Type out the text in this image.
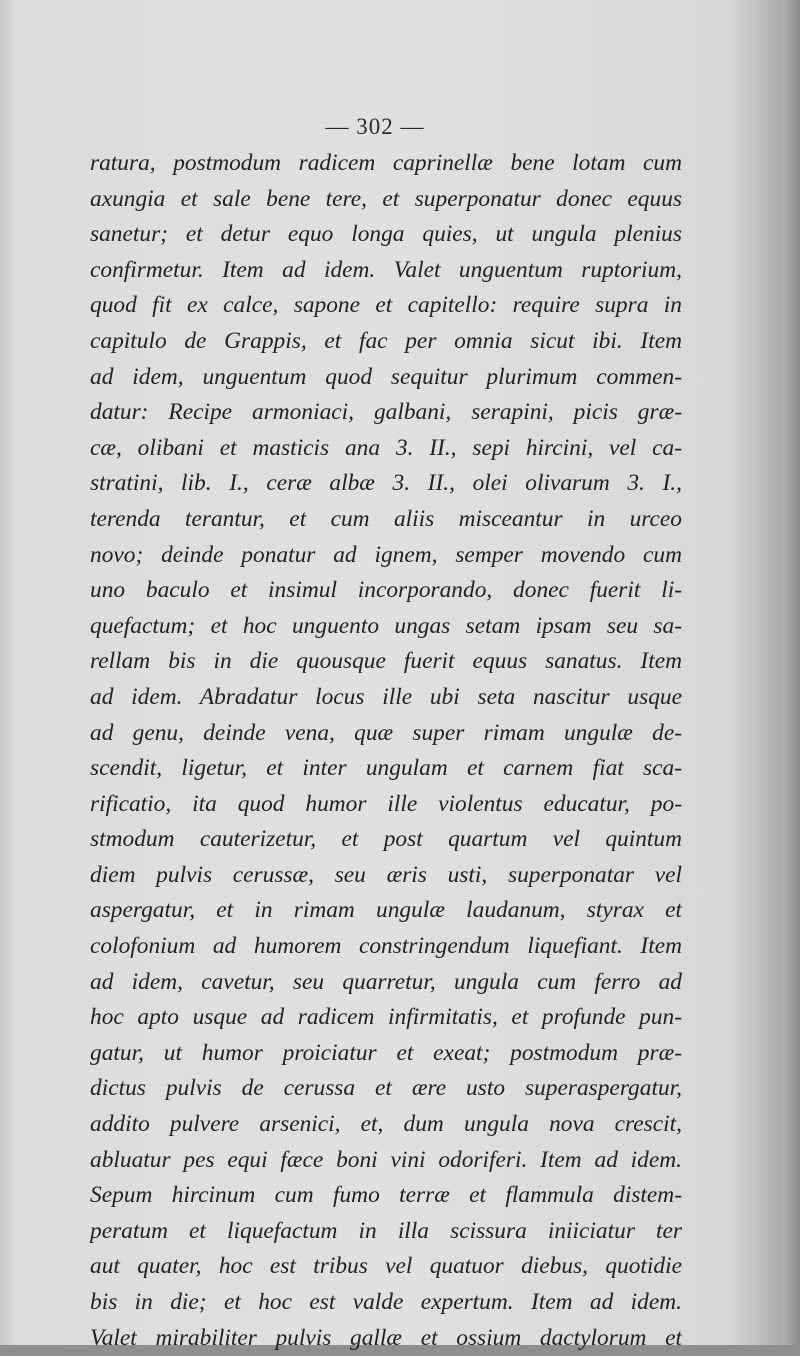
— 302 —
ratura, postmodum radicem caprinellæ bene lotam cum
axungia et sale bene tere, et superponatur donec equus
sanetur; et detur equo longa quies, ut ungula plenius
confirmetur. Item ad idem. Valet unguentum ruptorium,
quod fit ex calce, sapone et capitello: require supra in
capitulo de Grappis, et fac per omnia sicut ibi. Item
ad idem, unguentum quod sequitur plurimum commen-
datur: Recipe armoniaci, galbani, serapini, picis græ-
cæ, olibani et masticis ana 3. II., sepi hircini, vel ca-
stratini, lib. I., ceræ albæ 3. II., olei olivarum 3. I.,
terenda terantur, et cum aliis misceantur in urceo
novo; deinde ponatur ad ignem, semper movendo cum
uno baculo et insimul incorporando, donec fuerit li-
quefactum; et hoc unguento ungas setam ipsam seu sa-
rellam bis in die quousque fuerit equus sanatus. Item
ad idem. Abradatur locus ille ubi seta nascitur usque
ad genu, deinde vena, quæ super rimam ungulæ de-
scendit, ligetur, et inter ungulam et carnem fiat sca-
rificatio, ita quod humor ille violentus educatur, po-
stmodum cauterizetur, et post quartum vel quintum
diem pulvis cerussæ, seu æris usti, superponatar vel
aspergatur, et in rimam ungulæ laudanum, styrax et
colofonium ad humorem constringendum liquefiant. Item
ad idem, cavetur, seu quarretur, ungula cum ferro ad
hoc apto usque ad radicem infirmitatis, et profunde pun-
gatur, ut humor proiciatur et exeat; postmodum præ-
dictus pulvis de cerussa et ære usto superaspergatur,
addito pulvere arsenici, et, dum ungula nova crescit,
abluatur pes equi fæce boni vini odoriferi. Item ad idem.
Sepum hircinum cum fumo terræ et flammula distem-
peratum et liquefactum in illa scissura iniiciatur ter
aut quater, hoc est tribus vel quatuor diebus, quotidie
bis in die; et hoc est valde expertum. Item ad idem.
Valet mirabiliter pulvis gallæ et ossium dactylorum et
